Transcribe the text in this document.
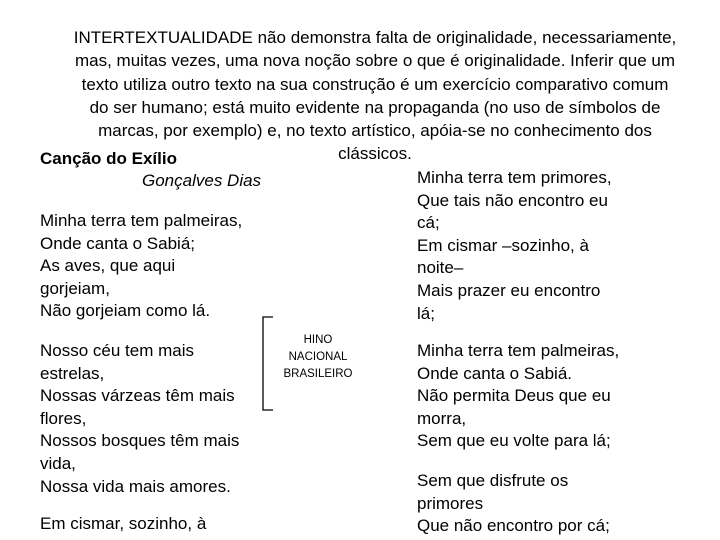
INTERTEXTUALIDADE não demonstra falta de originalidade, necessariamente,
mas, muitas vezes, uma nova noção sobre o que é originalidade. Inferir que um
texto utiliza outro texto na sua construção é um exercício comparativo comum
do ser humano; está muito evidente na propaganda (no uso de símbolos de
marcas, por exemplo) e, no texto artístico, apóia-se no conhecimento dos
clássicos.
Canção do Exílio
Gonçalves Dias
Minha terra tem palmeiras,
Onde canta o Sabiá;
As aves, que aqui
gorjeiam,
Não gorjeiam como lá.
Nosso céu tem mais
estrelas,
Nossas várzeas têm mais
flores,
Nossos bosques têm mais
vida,
Nossa vida mais amores.
Em cismar, sozinho, à
HINO
NACIONAL
BRASILEIRO
Minha terra tem primores,
Que tais não encontro eu
cá;
Em cismar –sozinho, à
noite–
Mais prazer eu encontro
lá;
Minha terra tem palmeiras,
Onde canta o Sabiá.
Não permita Deus que eu
morra,
Sem que eu volte para lá;
Sem que disfrute os
primores
Que não encontro por cá;
